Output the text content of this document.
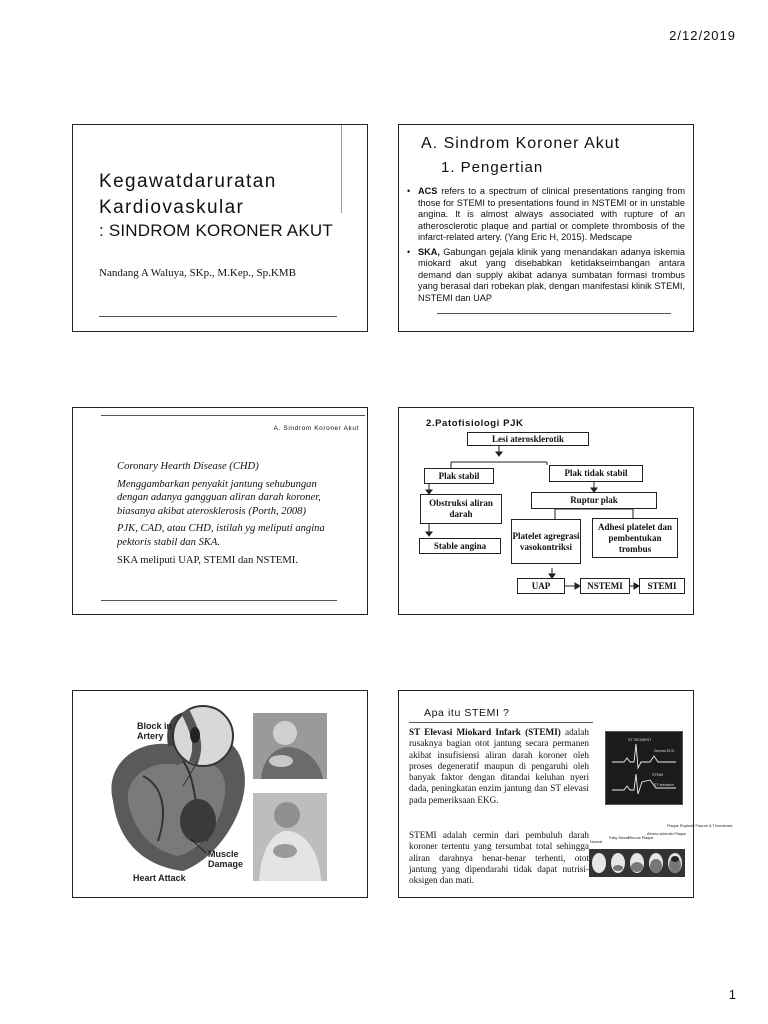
2/12/2019
Kegawatdaruratan
Kardiovaskular
: SINDROM KORONER AKUT
Nandang A Waluya, SKp., M.Kep., Sp.KMB
A. Sindrom Koroner Akut
1. Pengertian
• ACS refers to a spectrum of clinical presentations ranging from those for STEMI to presentations found in NSTEMI or in unstable angina. It is almost always associated with rupture of an atherosclerotic plaque and partial or complete thrombosis of the infarct-related artery. (Yang Eric H, 2015). Medscape
• SKA, Gabungan gejala klinik yang menandakan adanya iskemia miokard akut yang disebabkan ketidakseimbangan antara demand dan supply akibat adanya sumbatan formasi trombus yang berasal dari robekan plak, dengan manifestasi klinik STEMI, NSTEMI dan UAP
A. Sindrom Koroner Akut

Coronary Hearth Disease (CHD)

Menggambarkan penyakit jantung sehubungan dengan adanya gangguan aliran darah koroner, biasanya akibat aterosklerosis (Porth, 2008)

PJK, CAD, atau CHD, istilah yg meliputi angina pektoris stabil dan SKA.

SKA meliputi UAP, STEMI dan NSTEMI.

2.Patofisiologi PJK
Lesi aterosklerotik
Plak stabil	Plak tidak stabil
Obstruksi aliran darah
Ruptur plak
Platelet agregrasi vasokontriksi
Adhesi platelet dan pembentukan trombus
Stable angina
UAP	NSTEMI	STEMI
Block in
Artery
Muscle
Damage
Heart Attack
Apa itu STEMI ?
ST Elevasi Miokard Infark (STEMI) adalah rusaknya bagian otot jantung secara permanen akibat insufisiensi aliran darah koroner oleh proses degeneratif maupun di pengaruhi oleh banyak faktor dengan ditandai keluhan nyeri dada, peningkatan enzim jantung dan ST elevasi pada pemeriksaan EKG.
STEMI adalah cermin dari pembuluh darah koroner tertentu yang tersumbat total sehingga aliran darahnya benar-benar terhenti, otot jantung yang dipendarahi tidak dapat nutrisi-oksigen dan mati.
ST SEGMENT
Normal ECG
STEMI
ST elevation
Normal
Fatty Streak
Fibrous Plaque
Athero-sclerotic Plaque
Plaque Rupture/ Fissure & Thrombosis
1
